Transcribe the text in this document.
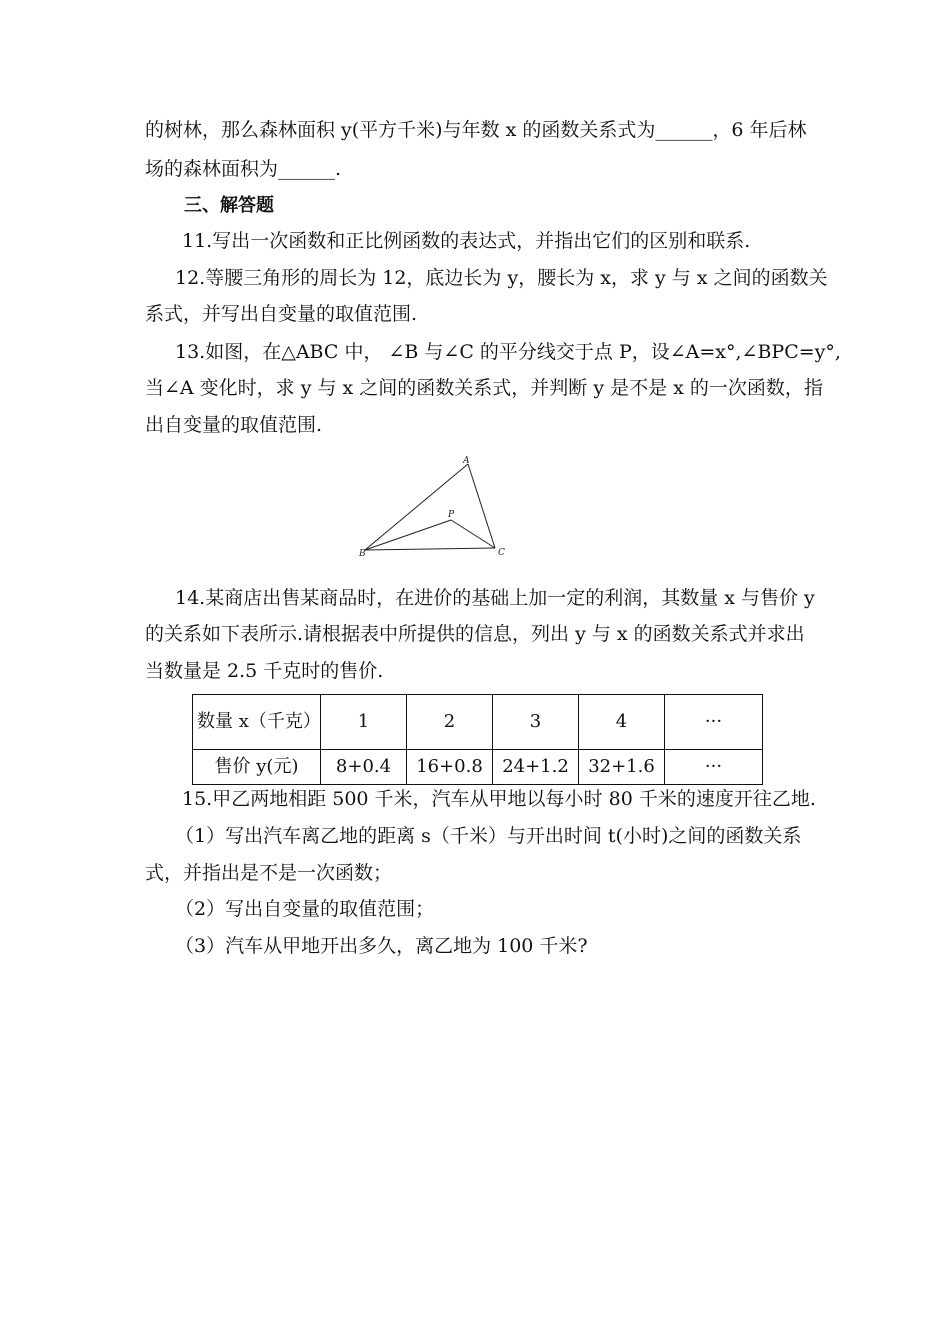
的树林，那么森林面积 y(平方千米)与年数 x 的函数关系式为______，6 年后林
场的森林面积为______.
三、解答题
11.写出一次函数和正比例函数的表达式，并指出它们的区别和联系.
12.等腰三角形的周长为 12，底边长为 y，腰长为 x，求 y 与 x 之间的函数关
系式，并写出自变量的取值范围.
13.如图，在△ABC 中， ∠B 与∠C 的平分线交于点 P，设∠A=x°,∠BPC=y°,
当∠A 变化时，求 y 与 x 之间的函数关系式，并判断 y 是不是 x 的一次函数，指
出自变量的取值范围.
A
B	C
P
14.某商店出售某商品时，在进价的基础上加一定的利润，其数量 x 与售价 y
的关系如下表所示.请根据表中所提供的信息，列出 y 与 x 的函数关系式并求出
当数量是 2.5 千克时的售价.
数量 x（千克）	1	2	3	4	···
售价 y(元)	8+0.4	16+0.8	24+1.2	32+1.6	···
15.甲乙两地相距 500 千米，汽车从甲地以每小时 80 千米的速度开往乙地.
（1）写出汽车离乙地的距离 s（千米）与开出时间 t(小时)之间的函数关系
式，并指出是不是一次函数；
（2）写出自变量的取值范围；
（3）汽车从甲地开出多久，离乙地为 100 千米?
